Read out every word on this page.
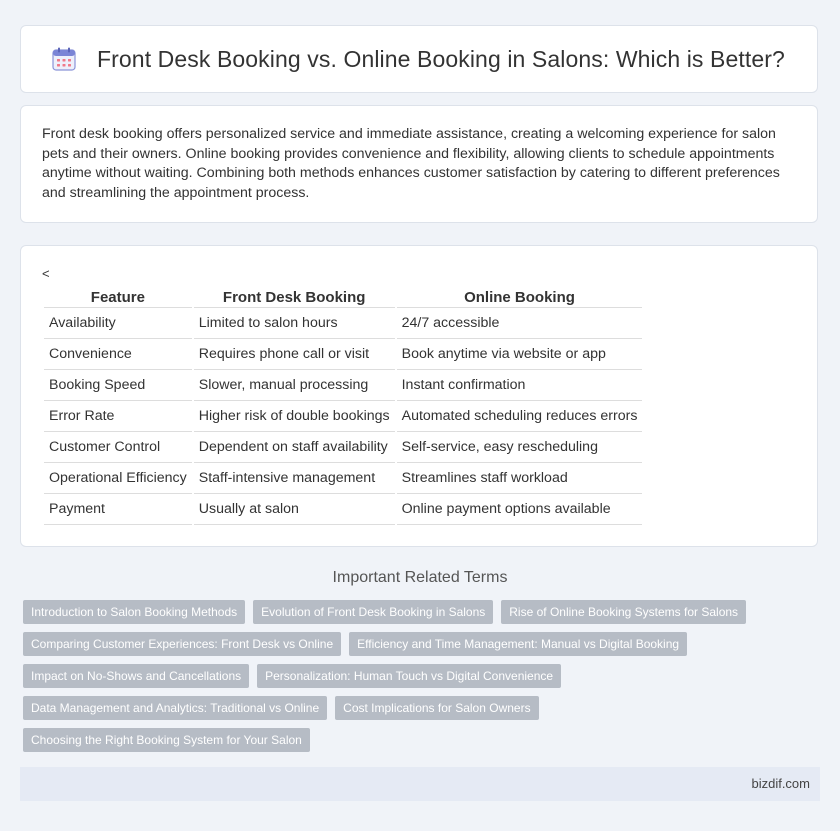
Front Desk Booking vs. Online Booking in Salons: Which is Better?

Front desk booking offers personalized service and immediate assistance, creating a welcoming experience for salon pets and their owners. Online booking provides convenience and flexibility, allowing clients to schedule appointments anytime without waiting. Combining both methods enhances customer satisfaction by catering to different preferences and streamlining the appointment process.

<
Feature	Front Desk Booking	Online Booking
Availability	Limited to salon hours	24/7 accessible
Convenience	Requires phone call or visit	Book anytime via website or app
Booking Speed	Slower, manual processing	Instant confirmation
Error Rate	Higher risk of double bookings	Automated scheduling reduces errors
Customer Control	Dependent on staff availability	Self-service, easy rescheduling
Operational Efficiency	Staff-intensive management	Streamlines staff workload
Payment	Usually at salon	Online payment options available
Important Related Terms
Introduction to Salon Booking Methods	Evolution of Front Desk Booking in Salons	Rise of Online Booking Systems for Salons
Comparing Customer Experiences: Front Desk vs Online	Efficiency and Time Management: Manual vs Digital Booking
Impact on No-Shows and Cancellations	Personalization: Human Touch vs Digital Convenience
Data Management and Analytics: Traditional vs Online	Cost Implications for Salon Owners
Choosing the Right Booking System for Your Salon
bizdif.com
